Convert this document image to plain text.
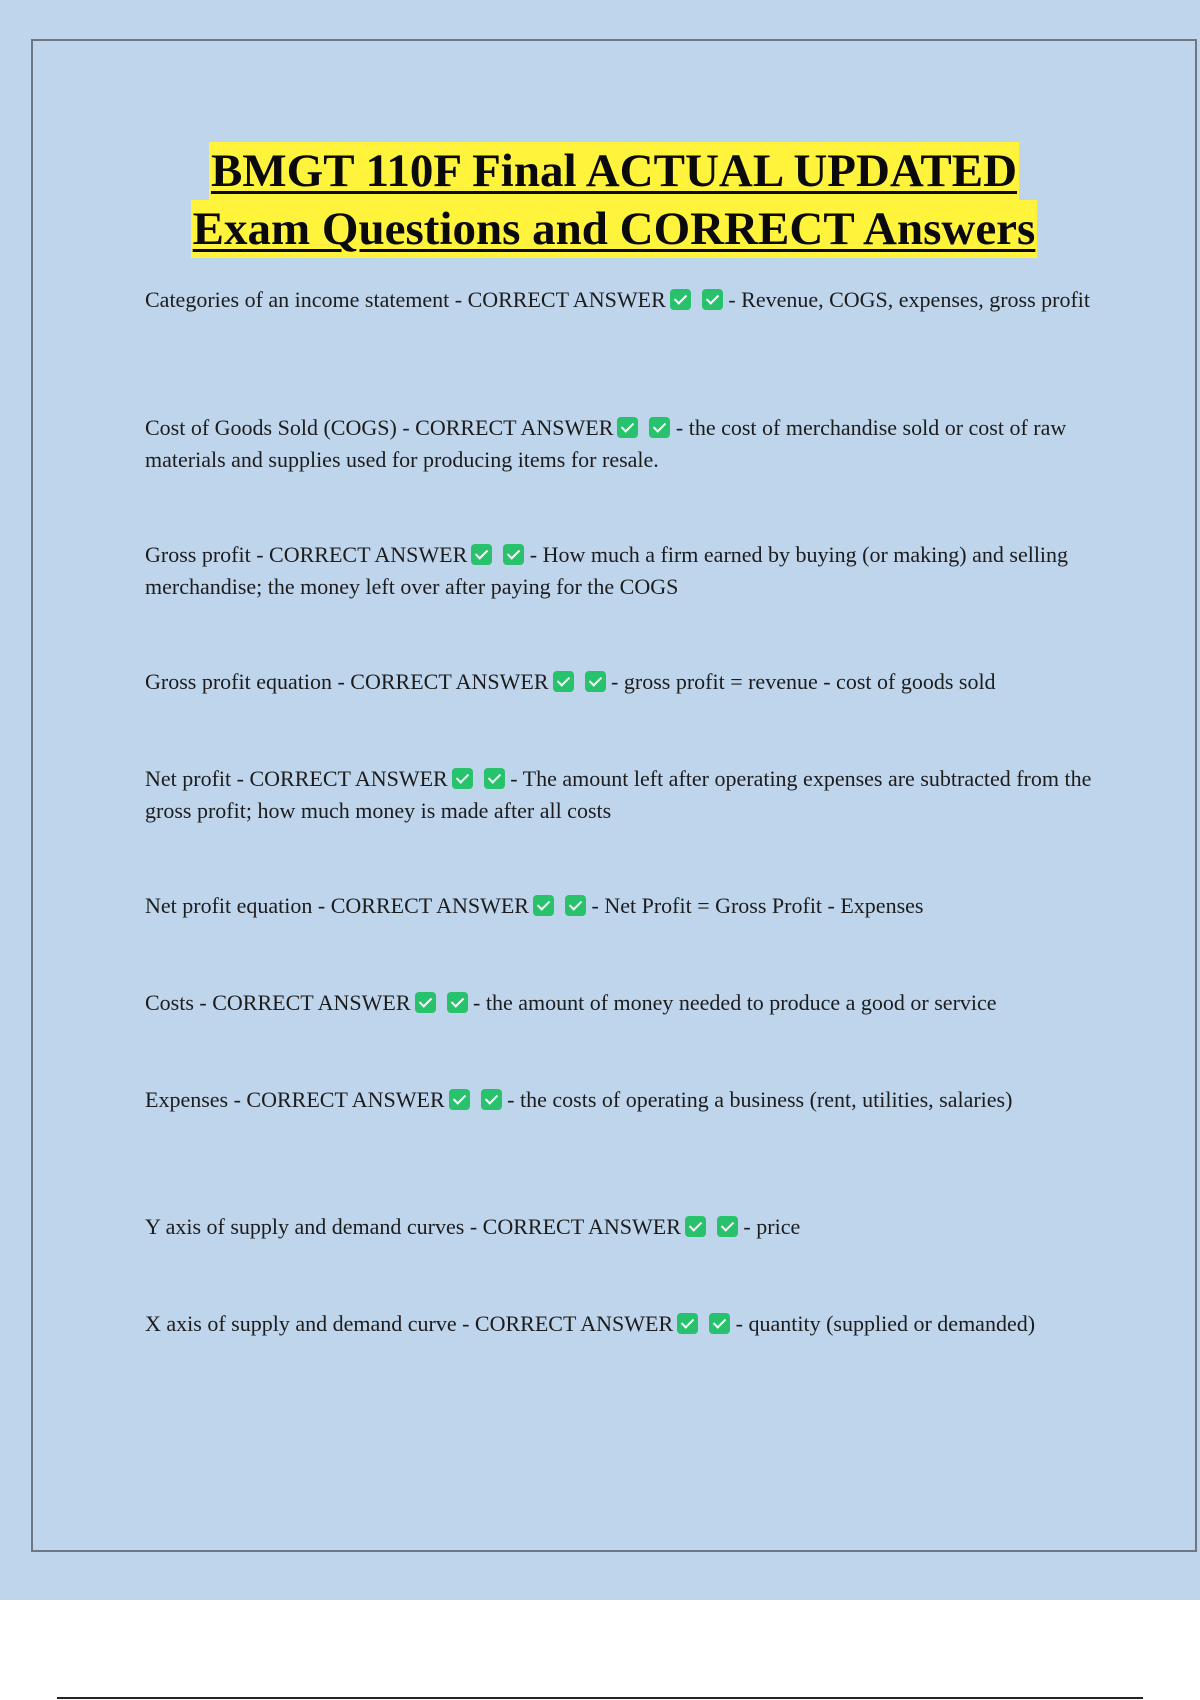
BMGT 110F Final ACTUAL UPDATED
Exam Questions and CORRECT Answers
Categories of an income statement - CORRECT ANSWER	- Revenue, COGS, expenses, gross profit
Cost of Goods Sold (COGS) - CORRECT ANSWER	- the cost of merchandise sold or cost of raw materials and supplies used for producing items for resale.
Gross profit - CORRECT ANSWER	- How much a firm earned by buying (or making) and selling merchandise; the money left over after paying for the COGS
Gross profit equation - CORRECT ANSWER	- gross profit = revenue - cost of goods sold
Net profit - CORRECT ANSWER	- The amount left after operating expenses are subtracted from the gross profit; how much money is made after all costs
Net profit equation - CORRECT ANSWER	- Net Profit = Gross Profit - Expenses
Costs - CORRECT ANSWER	- the amount of money needed to produce a good or service
Expenses - CORRECT ANSWER	- the costs of operating a business (rent, utilities, salaries)
Y axis of supply and demand curves - CORRECT ANSWER	- price
X axis of supply and demand curve - CORRECT ANSWER	- quantity (supplied or demanded)
